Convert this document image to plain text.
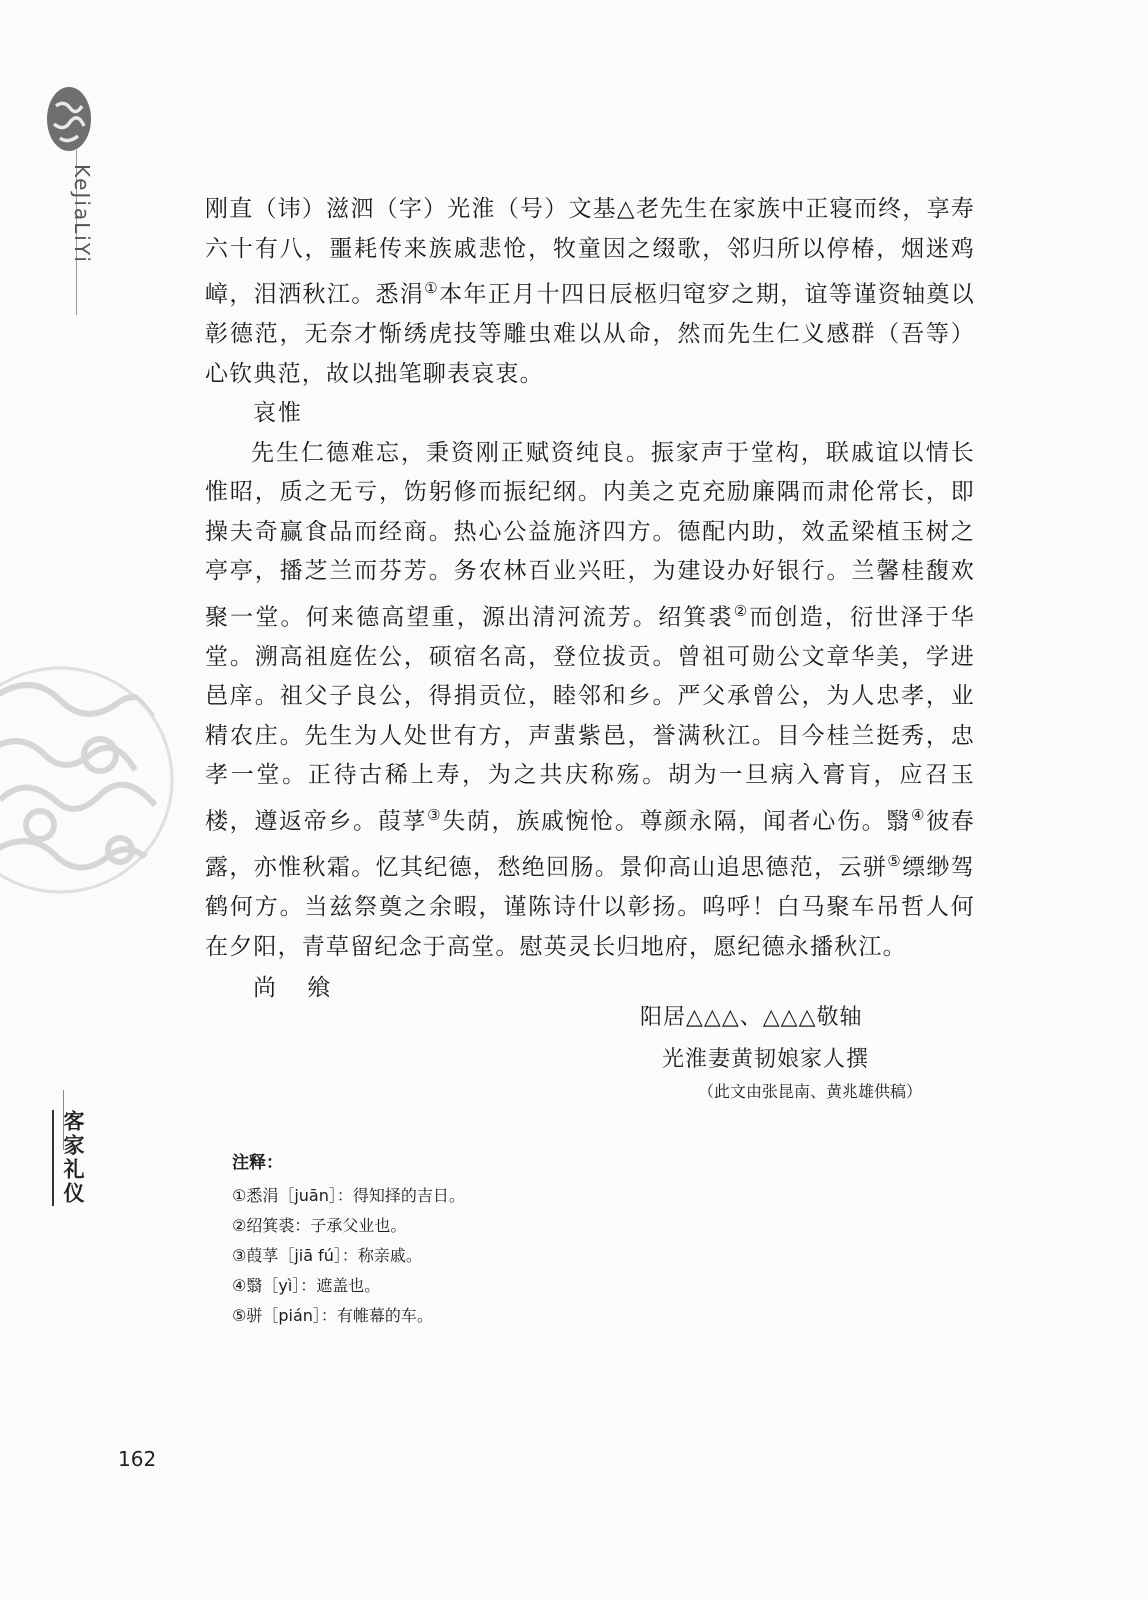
KeJiaLiYi
客家礼仪

刚直（讳）滋泗（字）光淮（号）文基△老先生在家族中正寝而终，享寿六十有八，噩耗传来族戚悲怆，牧童因之缀歌，邻归所以停椿，烟迷鸡嶂，泪洒秋江。悉涓①本年正月十四日辰柩归窀穸之期，谊等谨资轴奠以彰德范，无奈才惭绣虎技等雕虫难以从命，然而先生仁义感群（吾等）心钦典范，故以拙笔聊表哀衷。

哀惟

先生仁德难忘，秉资刚正赋资纯良。振家声于堂构，联戚谊以情长惟昭，质之无亏，饬躬修而振纪纲。内美之克充励廉隅而肃伦常长，即操夫奇赢食品而经商。热心公益施济四方。德配内助，效孟梁植玉树之亭亭，播芝兰而芬芳。务农林百业兴旺，为建设办好银行。兰馨桂馥欢聚一堂。何来德高望重，源出清河流芳。绍箕裘②而创造，衍世泽于华堂。溯高祖庭佐公，硕宿名高，登位拔贡。曾祖可勋公文章华美，学进邑庠。祖父子良公，得捐贡位，睦邻和乡。严父承曾公，为人忠孝，业精农庄。先生为人处世有方，声蜚紫邑，誉满秋江。目今桂兰挺秀，忠孝一堂。正待古稀上寿，为之共庆称殇。胡为一旦病入膏肓，应召玉楼，遵返帝乡。葭莩③失荫，族戚惋怆。尊颜永隔，闻者心伤。翳④彼春露，亦惟秋霜。忆其纪德，愁绝回肠。景仰高山追思德范，云骈⑤缥缈驾鹤何方。当兹祭奠之余暇，谨陈诗什以彰扬。呜呼！白马聚车吊哲人何在夕阳，青草留纪念于高堂。慰英灵长归地府，愿纪德永播秋江。

尚 飨

阳居△△△、△△△敬轴
光淮妻黄韧娘家人撰
（此文由张昆南、黄兆雄供稿）
注释：
①悉涓［juān］：得知择的吉日。
②绍箕裘：子承父业也。
③葭莩［jiā fú］：称亲戚。
④翳［yì］：遮盖也。
⑤骈［pián］：有帷幕的车。
162
